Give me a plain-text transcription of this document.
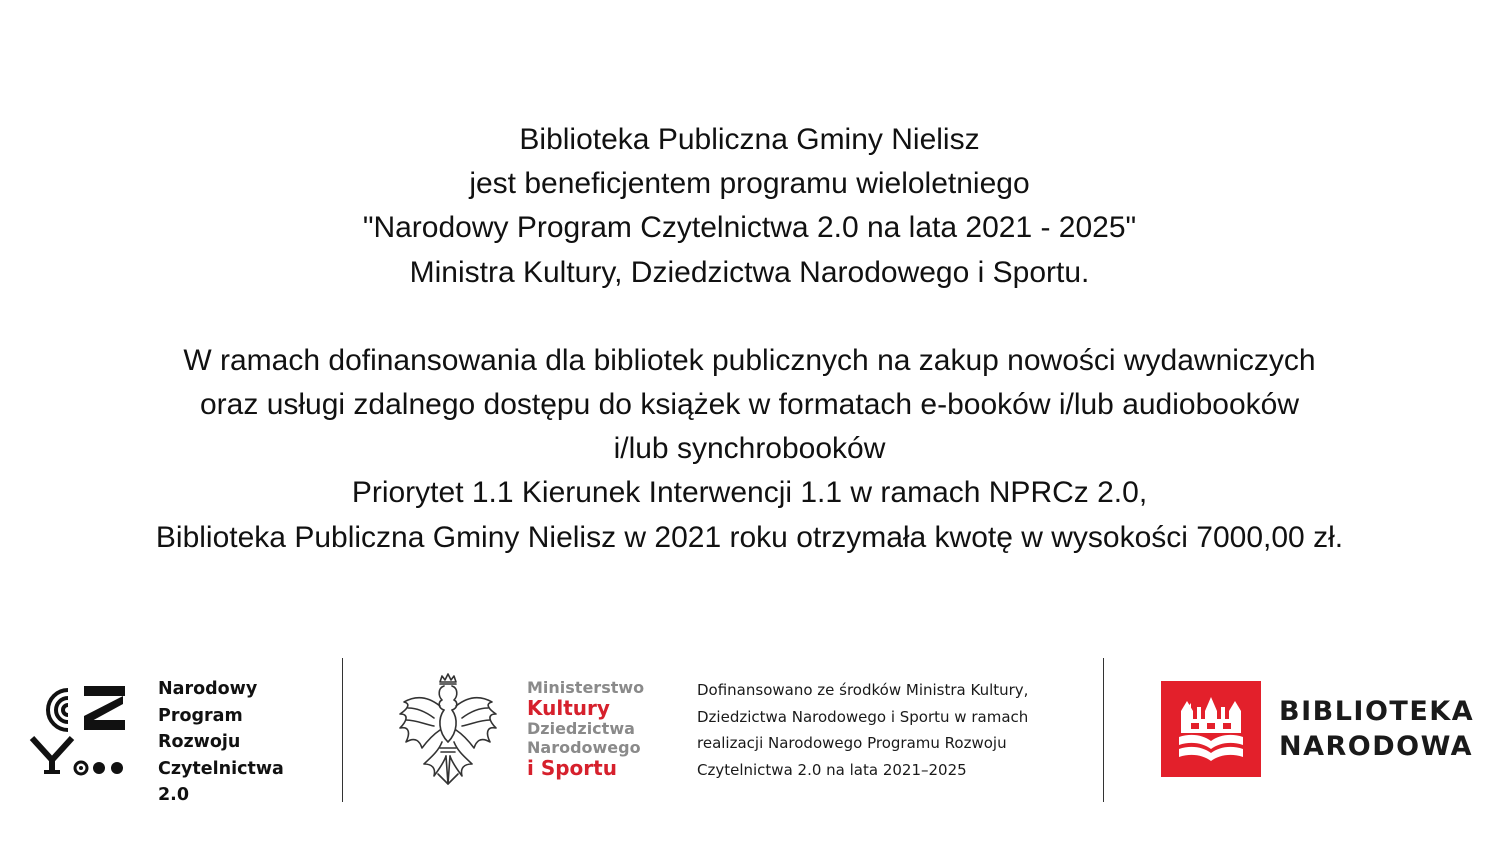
Biblioteka Publiczna Gminy Nielisz
jest beneficjentem programu wieloletniego
"Narodowy Program Czytelnictwa 2.0 na lata 2021 - 2025"
Ministra Kultury, Dziedzictwa Narodowego i Sportu.
W ramach dofinansowania dla bibliotek publicznych na zakup nowości wydawniczych
oraz usługi zdalnego dostępu do książek w formatach e-booków i/lub audiobooków
i/lub synchrobooków
Priorytet 1.1 Kierunek Interwencji 1.1 w ramach NPRCz 2.0,
Biblioteka Publiczna Gminy Nielisz w 2021 roku otrzymała kwotę w wysokości 7000,00 zł.
Narodowy
Program
Rozwoju
Czytelnictwa
2.0
Ministerstwo
Kultury
Dziedzictwa
Narodowego
i Sportu
Dofinansowano ze środków Ministra Kultury,
Dziedzictwa Narodowego i Sportu w ramach
realizacji Narodowego Programu Rozwoju
Czytelnictwa 2.0 na lata 2021–2025
BIBLIOTEKA
NARODOWA
